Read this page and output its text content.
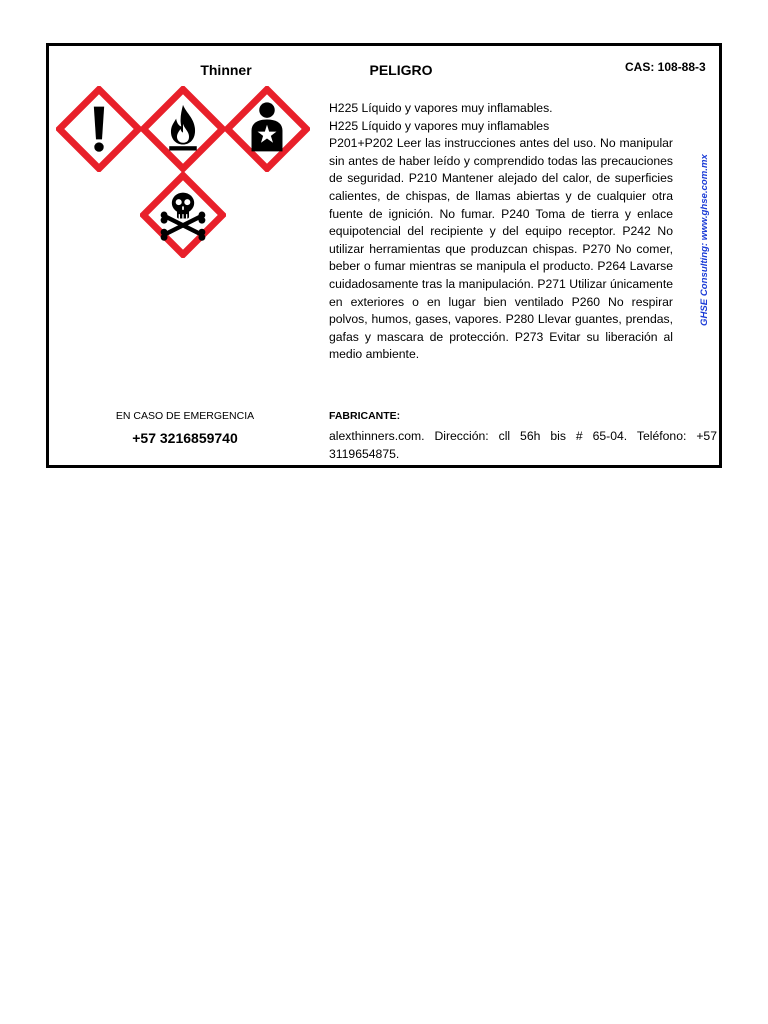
Thinner	PELIGRO	CAS: 108-88-3

H225 Líquido y vapores muy inflamables.

H225 Líquido y vapores muy inflamables

P201+P202 Leer las instrucciones antes del uso. No manipular sin antes de haber leído y comprendido todas las precauciones de seguridad. P210 Mantener alejado del calor, de superficies calientes, de chispas, de llamas abiertas y de cualquier otra fuente de ignición. No fumar. P240 Toma de tierra y enlace equipotencial del recipiente y del equipo receptor. P242 No utilizar herramientas que produzcan chispas. P270 No comer, beber o fumar mientras se manipula el producto. P264 Lavarse cuidadosamente tras la manipulación. P271 Utilizar únicamente en exteriores o en lugar bien ventilado P260 No respirar polvos, humos, gases, vapores. P280 Llevar guantes, prendas, gafas y mascara de protección. P273 Evitar su liberación al medio ambiente.

GHSE Consulting: www.ghse.com.mx
EN CASO DE EMERGENCIA
+57 3216859740
FABRICANTE:
alexthinners.com. Dirección: cll 56h bis # 65-04. Teléfono: +57 3119654875.
